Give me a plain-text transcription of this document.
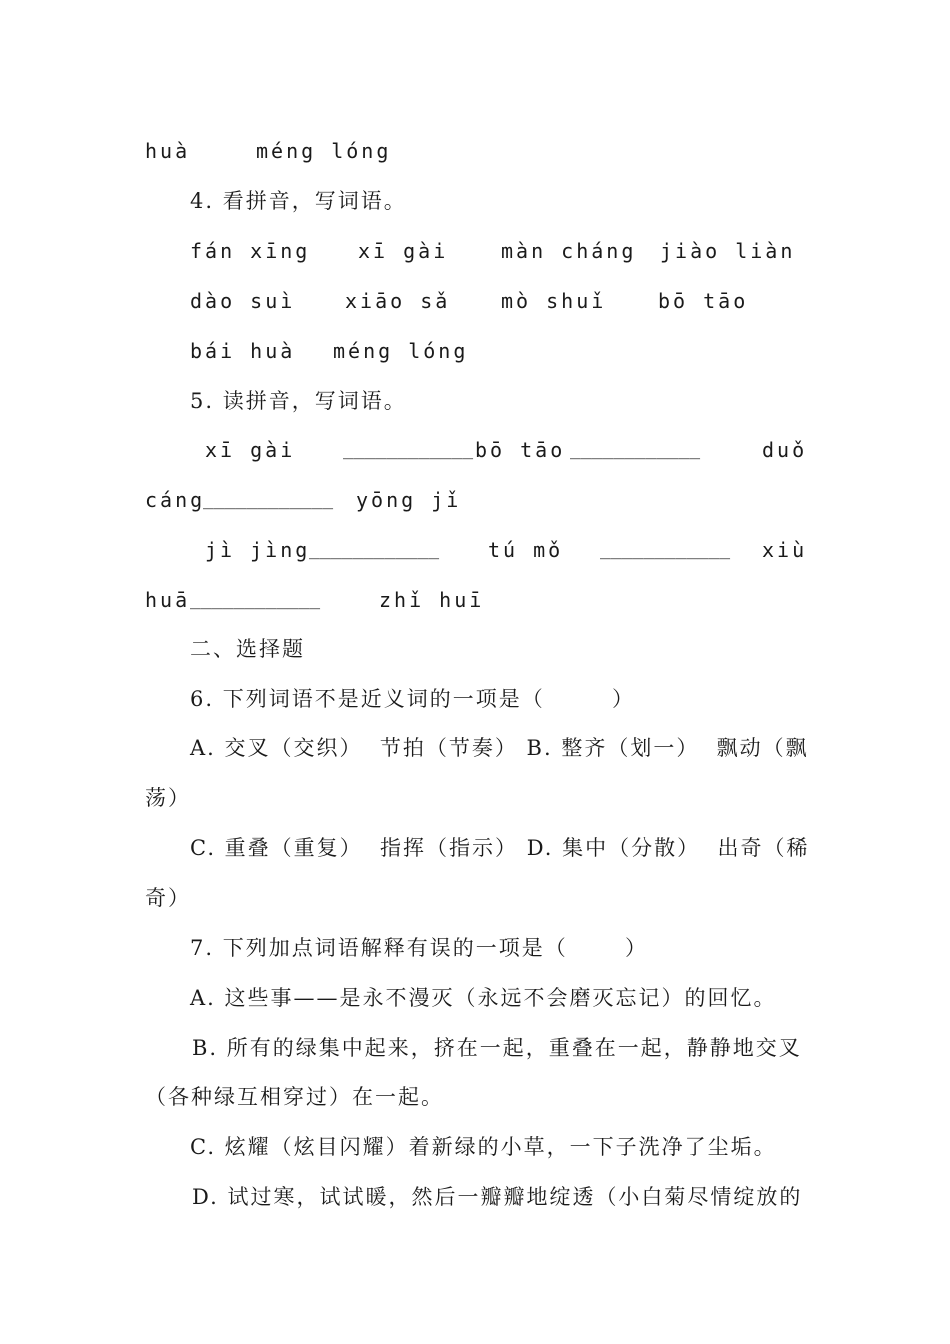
huà

	méng lóng

4. 看拼音，写词语。

fán xīng

xī gài

	màn cháng

jiào liàn

dào suì

xiāo sǎ

	mò shuǐ

	bō tāo

bái huà

méng lóng

5. 读拼音，写词语。

xī gài

	____________

bō tāo

____________

	duǒ

cáng

____________

yōng jǐ

jì jìng

____________

tú mǒ

____________

xiù

huā

____________

	zhǐ huī

二、选择题

6. 下列词语不是近义词的一项是（

	）

A. 交叉（交织）  节拍（节奏） B. 整齐（划一）  飘动（飘

荡）

C. 重叠（重复）  指挥（指示） D. 集中（分散）  出奇（稀

奇）

7. 下列加点词语解释有误的一项是（

	）

A. 这些事——是永不漫灭（永远不会磨灭忘记）的回忆。

B. 所有的绿集中起来，挤在一起，重叠在一起，静静地交叉

（各种绿互相穿过）在一起。

C. 炫耀（炫目闪耀）着新绿的小草，一下子洗净了尘垢。

D. 试过寒，试试暖，然后一瓣瓣地绽透（小白菊尽情绽放的
